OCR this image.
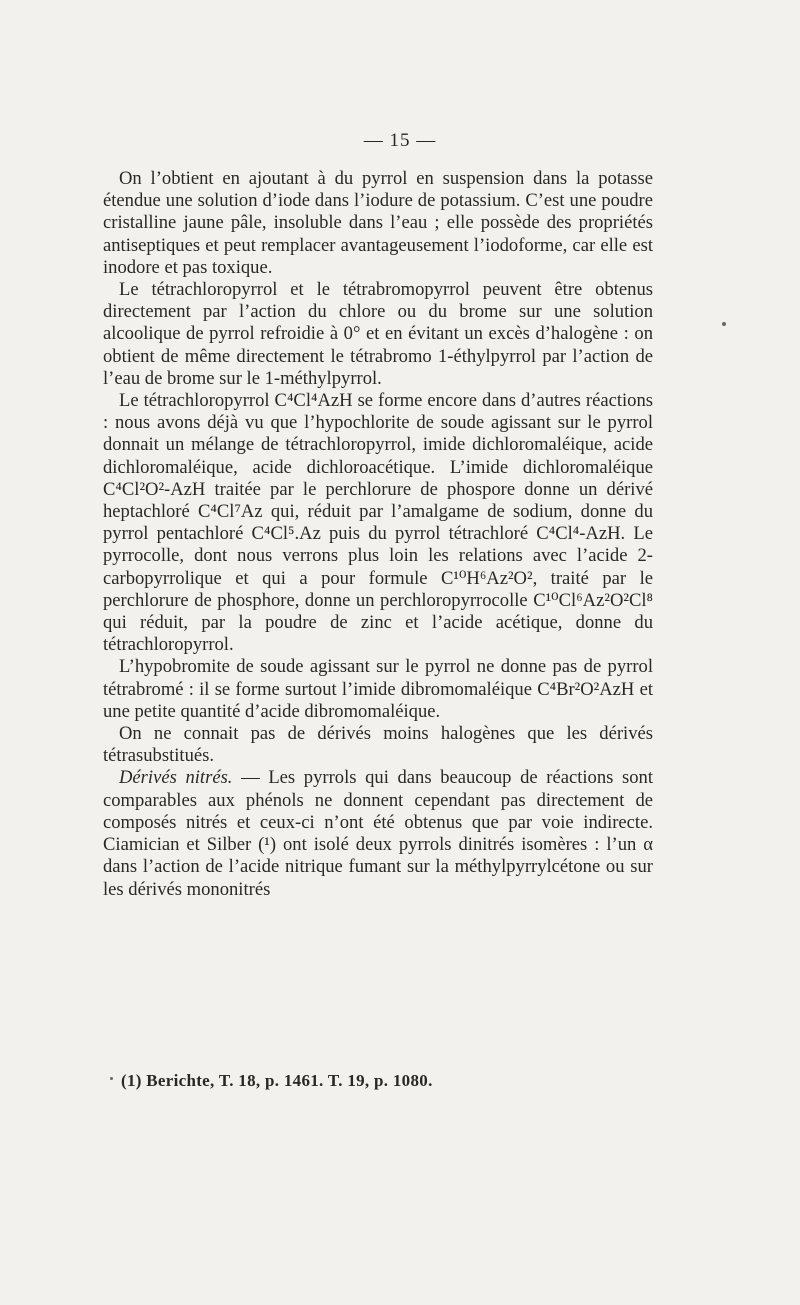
— 15 —

On l’obtient en ajoutant à du pyrrol en suspension dans la potasse étendue une solution d’iode dans l’iodure de potassium. C’est une poudre cristalline jaune pâle, insoluble dans l’eau ; elle possède des propriétés antiseptiques et peut remplacer avantageusement l’iodoforme, car elle est inodore et pas toxique.

Le tétrachloropyrrol et le tétrabromopyrrol peuvent être obtenus directement par l’action du chlore ou du brome sur une solution alcoolique de pyrrol refroidie à 0° et en évitant un excès d’halogène : on obtient de même directement le tétrabromo 1-éthylpyrrol par l’action de l’eau de brome sur le 1-méthylpyrrol.

Le tétrachloropyrrol C⁴Cl⁴AzH se forme encore dans d’autres réactions : nous avons déjà vu que l’hypochlorite de soude agissant sur le pyrrol donnait un mélange de tétrachloropyrrol, imide dichloromaléique, acide dichloromaléique, acide dichloroacétique. L’imide dichloromaléique C⁴Cl²O²-AzH traitée par le perchlorure de phospore donne un dérivé heptachloré C⁴Cl⁷Az qui, réduit par l’amalgame de sodium, donne du pyrrol pentachloré C⁴Cl⁵.Az puis du pyrrol tétrachloré C⁴Cl⁴-AzH. Le pyrrocolle, dont nous verrons plus loin les relations avec l’acide 2-carbopyrrolique et qui a pour formule C¹⁰H⁶Az²O², traité par le perchlorure de phosphore, donne un perchloropyrrocolle C¹⁰Cl⁶Az²O²Cl⁸ qui réduit, par la poudre de zinc et l’acide acétique, donne du tétrachloropyrrol.

L’hypobromite de soude agissant sur le pyrrol ne donne pas de pyrrol tétrabromé : il se forme surtout l’imide dibromomaléique C⁴Br²O²AzH et une petite quantité d’acide dibromomaléique.

On ne connait pas de dérivés moins halogènes que les dérivés tétrasubstitués.

Dérivés nitrés. — Les pyrrols qui dans beaucoup de réactions sont comparables aux phénols ne donnent cependant pas directement de composés nitrés et ceux-ci n’ont été obtenus que par voie indirecte. Ciamician et Silber (¹) ont isolé deux pyrrols dinitrés isomères : l’un α dans l’action de l’acide nitrique fumant sur la méthylpyrrylcétone ou sur les dérivés mononitrés

(1) Berichte, T. 18, p. 1461. T. 19, p. 1080.
